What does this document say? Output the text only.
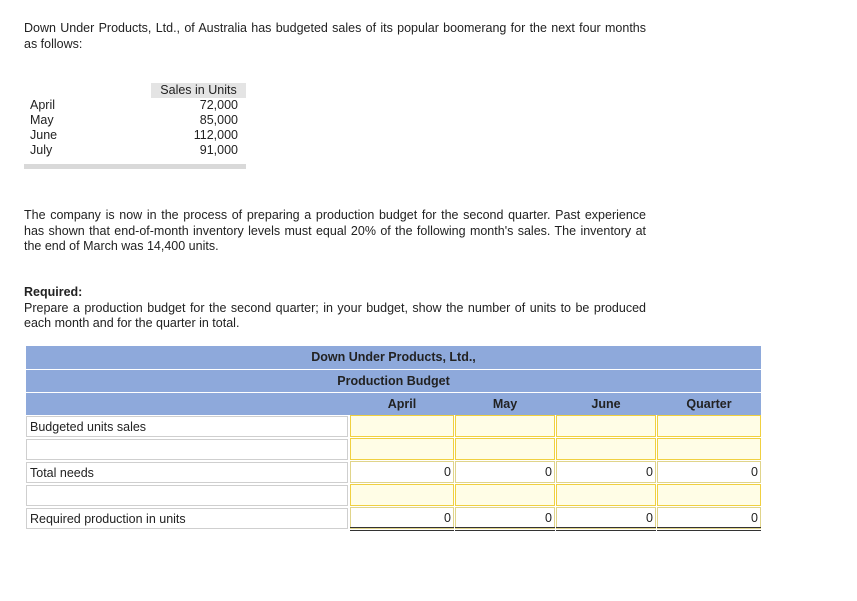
Down Under Products, Ltd., of Australia has budgeted sales of its popular boomerang for the next four months as follows:
Sales in Units
April	72,000
May	85,000
June	112,000
July	91,000
The company is now in the process of preparing a production budget for the second quarter. Past experience has shown that end-of-month inventory levels must equal 20% of the following month's sales. The inventory at the end of March was 14,400 units.
Required:
Prepare a production budget for the second quarter; in your budget, show the number of units to be produced each month and for the quarter in total.
Down Under Products, Ltd.,
Production Budget
April	May	June	Quarter
Budgeted units sales
Total needs	0	0	0	0
Required production in units	0	0	0	0
